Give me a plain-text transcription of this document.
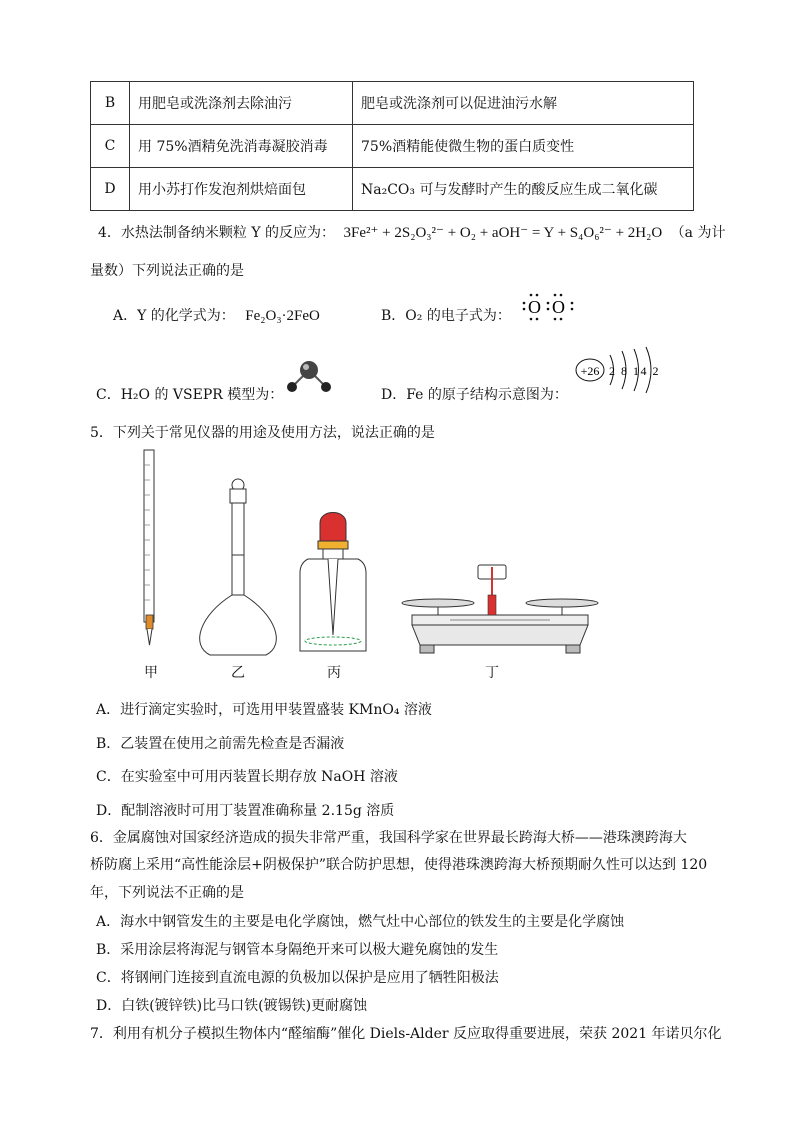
B	用肥皂或洗涤剂去除油污	肥皂或洗涤剂可以促进油污水解
C	用 75%酒精免洗消毒凝胶消毒	75%酒精能使微生物的蛋白质变性
D	用小苏打作发泡剂烘焙面包	Na₂CO₃ 可与发酵时产生的酸反应生成二氧化碳
4．水热法制备纳米颗粒 Y 的反应为： 3Fe²⁺ + 2S₂O₃²⁻ + O₂ + aOH⁻ = Y + S₄O₆²⁻ + 2H₂O （a 为计
量数）下列说法正确的是
A．Y 的化学式为： Fe₂O₃·2FeO	B．O₂ 的电子式为： O O
C．H₂O 的 VSEPR 模型为：	D．Fe 的原子结构示意图为：
+26 2 8 14 2
5．下列关于常见仪器的用途及使用方法，说法正确的是
甲	乙	丙	丁
A．进行滴定实验时，可选用甲装置盛装 KMnO₄ 溶液
B．乙装置在使用之前需先检查是否漏液
C．在实验室中可用丙装置长期存放 NaOH 溶液
D．配制溶液时可用丁装置准确称量 2.15g 溶质
6．金属腐蚀对国家经济造成的损失非常严重，我国科学家在世界最长跨海大桥——港珠澳跨海大
桥防腐上采用“高性能涂层+阴极保护”联合防护思想，使得港珠澳跨海大桥预期耐久性可以达到 120
年，下列说法不正确的是
A．海水中钢管发生的主要是电化学腐蚀，燃气灶中心部位的铁发生的主要是化学腐蚀
B．采用涂层将海泥与钢管本身隔绝开来可以极大避免腐蚀的发生
C．将钢闸门连接到直流电源的负极加以保护是应用了牺牲阳极法
D．白铁(镀锌铁)比马口铁(镀锡铁)更耐腐蚀
7．利用有机分子模拟生物体内“醛缩酶”催化 Diels-Alder 反应取得重要进展，荣获 2021 年诺贝尔化
